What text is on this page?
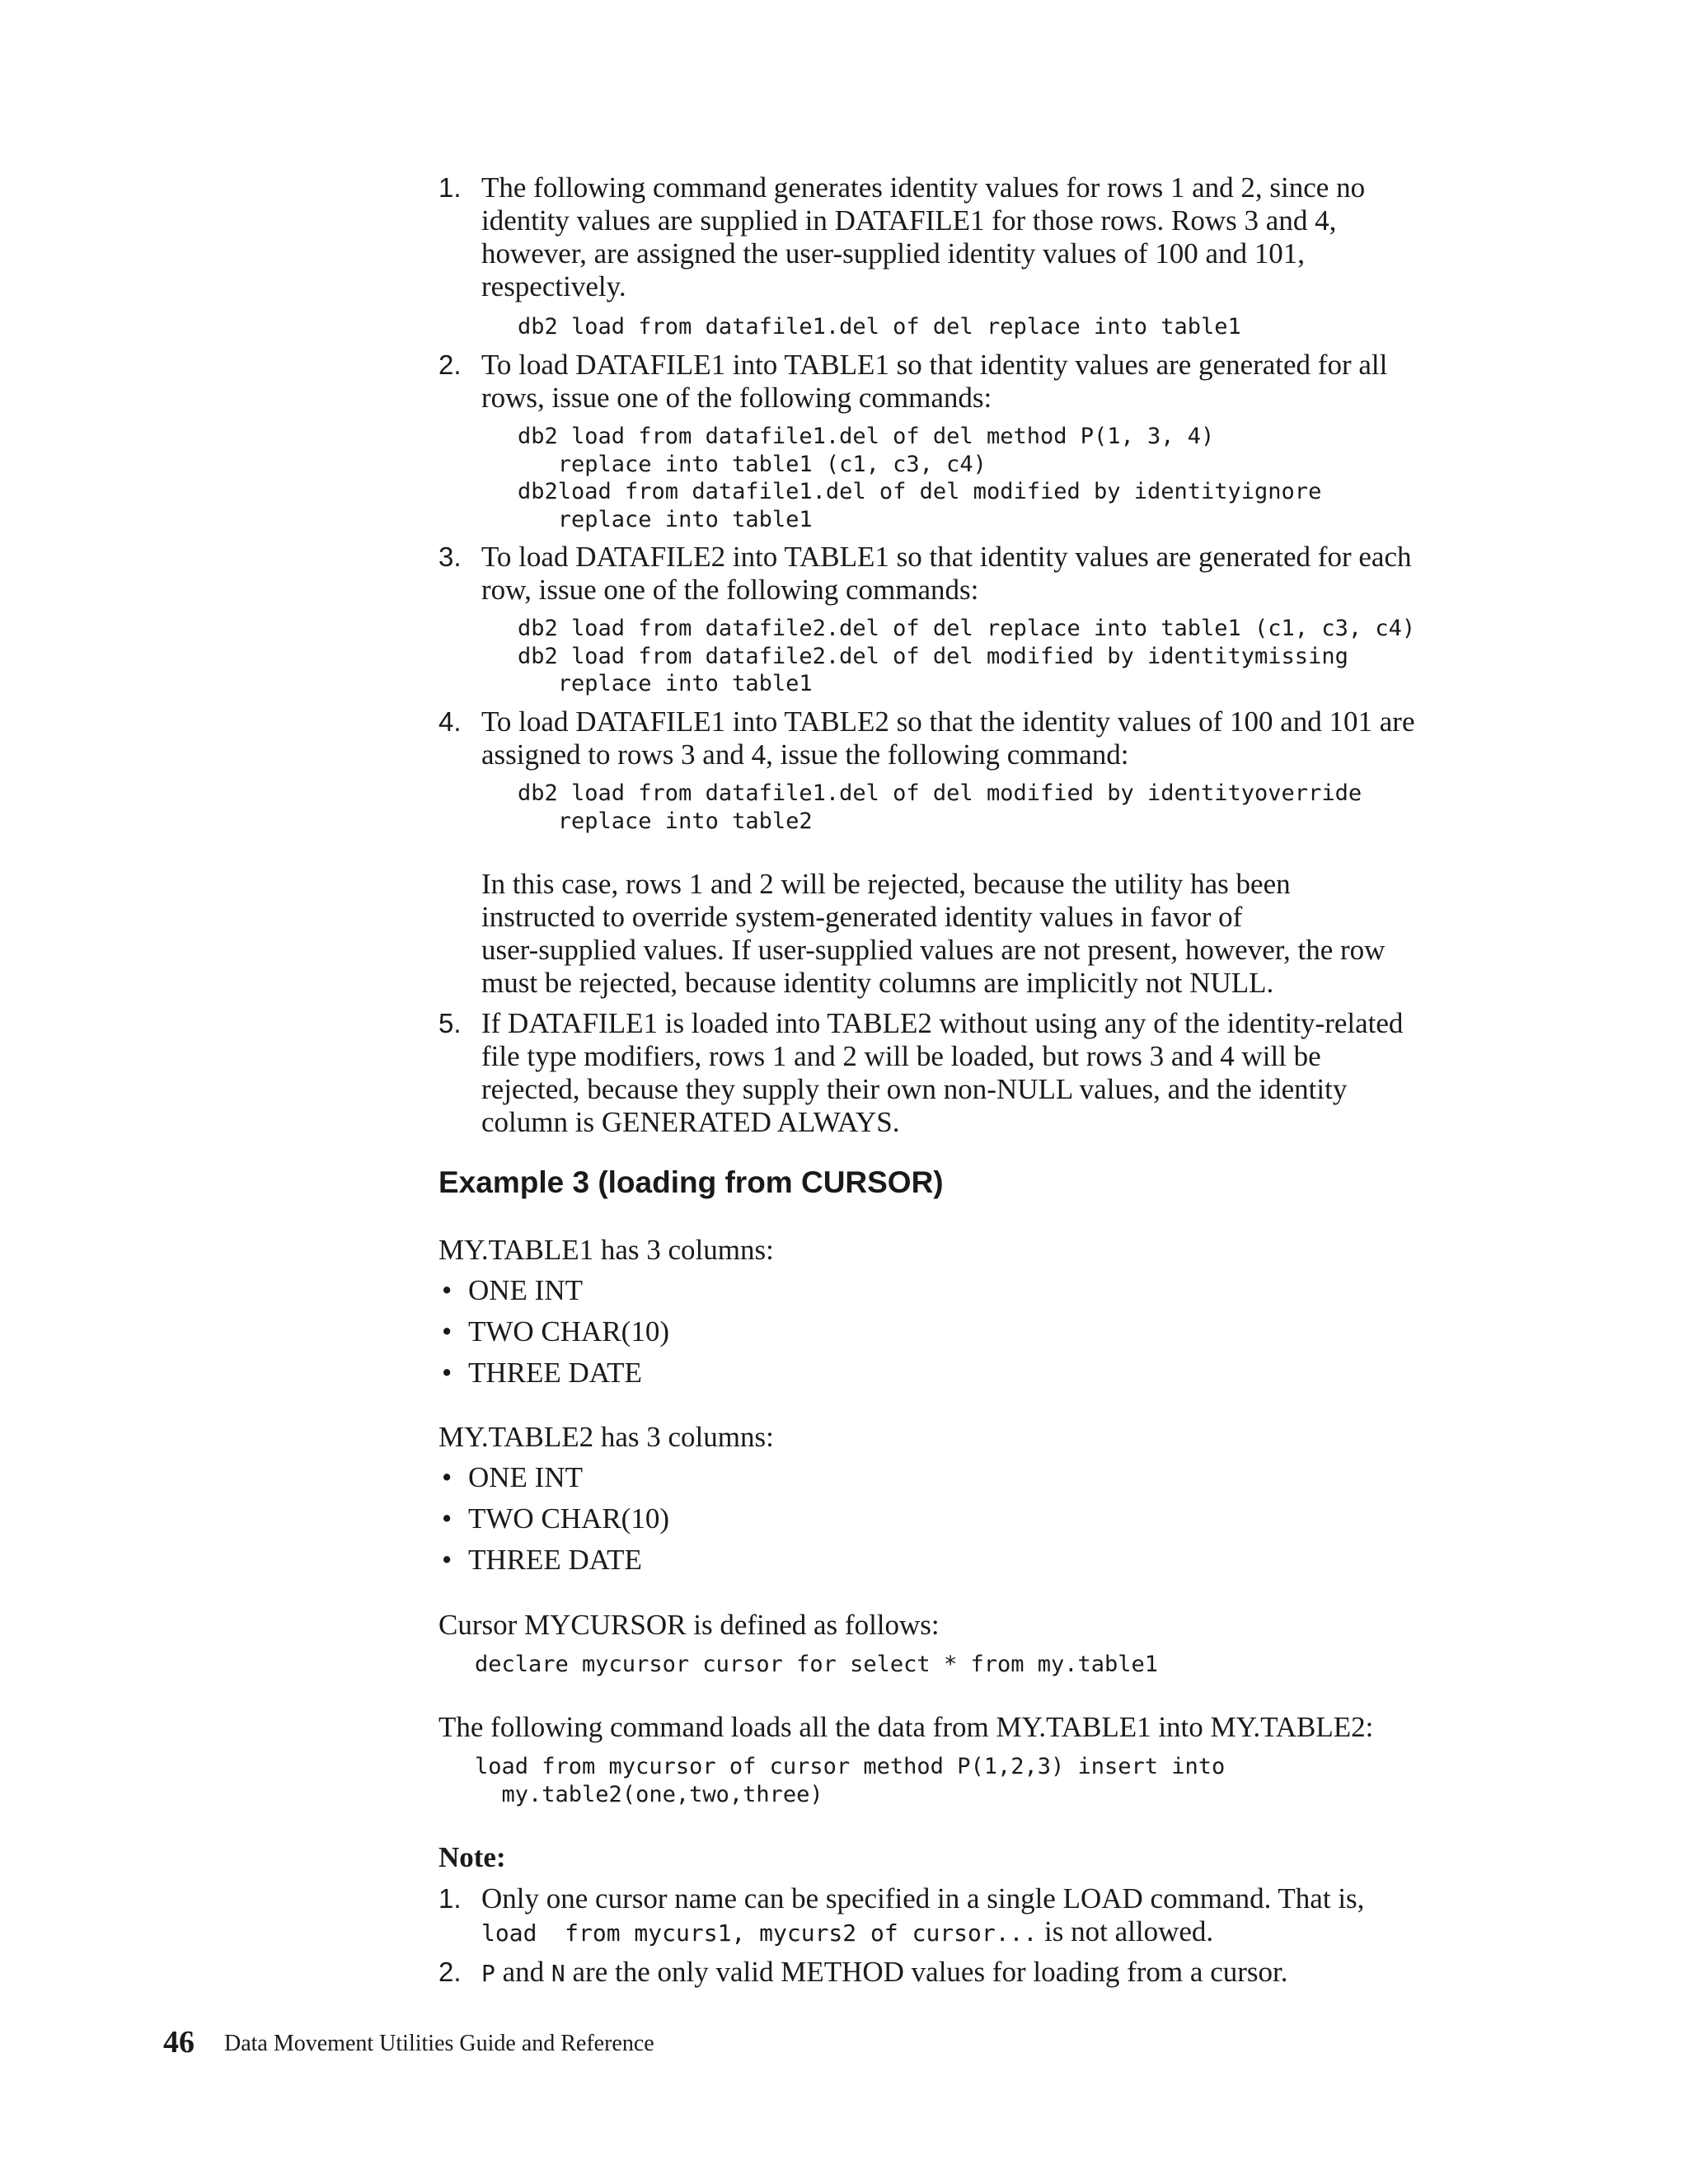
1. The following command generates identity values for rows 1 and 2, since no
identity values are supplied in DATAFILE1 for those rows. Rows 3 and 4,
however, are assigned the user-supplied identity values of 100 and 101,
respectively.
db2 load from datafile1.del of del replace into table1
2. To load DATAFILE1 into TABLE1 so that identity values are generated for all
rows, issue one of the following commands:
db2 load from datafile1.del of del method P(1, 3, 4)
replace into table1 (c1, c3, c4)
db2load from datafile1.del of del modified by identityignore
replace into table1
3. To load DATAFILE2 into TABLE1 so that identity values are generated for each
row, issue one of the following commands:
db2 load from datafile2.del of del replace into table1 (c1, c3, c4)
db2 load from datafile2.del of del modified by identitymissing
replace into table1
4. To load DATAFILE1 into TABLE2 so that the identity values of 100 and 101 are
assigned to rows 3 and 4, issue the following command:
db2 load from datafile1.del of del modified by identityoverride
replace into table2
In this case, rows 1 and 2 will be rejected, because the utility has been
instructed to override system-generated identity values in favor of
user-supplied values. If user-supplied values are not present, however, the row
must be rejected, because identity columns are implicitly not NULL.
5. If DATAFILE1 is loaded into TABLE2 without using any of the identity-related
file type modifiers, rows 1 and 2 will be loaded, but rows 3 and 4 will be
rejected, because they supply their own non-NULL values, and the identity
column is GENERATED ALWAYS.
Example 3 (loading from CURSOR)
MY.TABLE1 has 3 columns:
• ONE INT
• TWO CHAR(10)
• THREE DATE
MY.TABLE2 has 3 columns:
• ONE INT
• TWO CHAR(10)
• THREE DATE
Cursor MYCURSOR is defined as follows:
declare mycursor cursor for select * from my.table1
The following command loads all the data from MY.TABLE1 into MY.TABLE2:
load from mycursor of cursor method P(1,2,3) insert into
my.table2(one,two,three)
Note:
1. Only one cursor name can be specified in a single LOAD command. That is,
load  from mycurs1, mycurs2 of cursor... is not allowed.
2. P and N are the only valid METHOD values for loading from a cursor.
46 Data Movement Utilities Guide and Reference
